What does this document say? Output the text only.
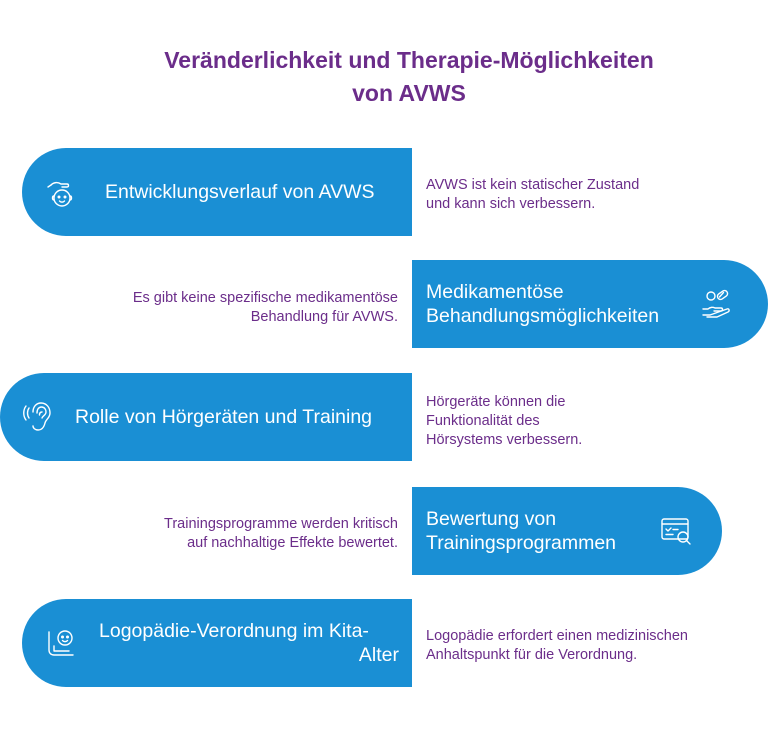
Veränderlichkeit und Therapie-Möglichkeiten
von AVWS
Entwicklungsverlauf von AVWS	AVWS ist kein statischer Zustand
und kann sich verbessern.
Medikamentöse
Behandlungsmöglichkeiten
Es gibt keine spezifische medikamentöse
Behandlung für AVWS.
Rolle von Hörgeräten und Training
Hörgeräte können die
Funktionalität des
Hörsystems verbessern.
Bewertung von
Trainingsprogrammen
Trainingsprogramme werden kritisch
auf nachhaltige Effekte bewertet.
Logopädie-Verordnung im Kita-
Alter
Logopädie erfordert einen medizinischen
Anhaltspunkt für die Verordnung.
